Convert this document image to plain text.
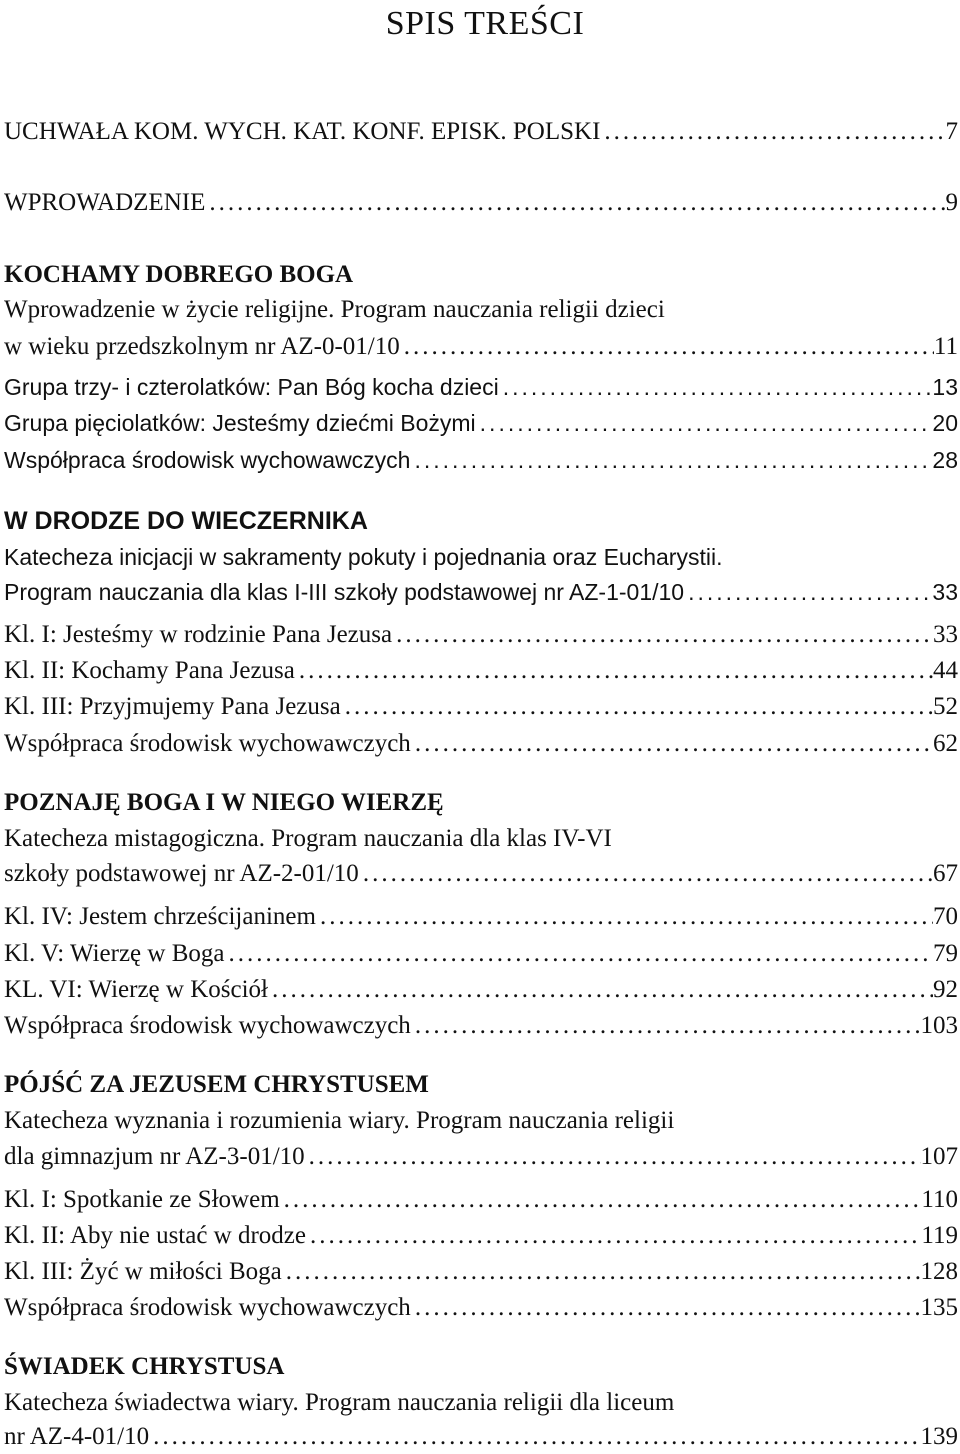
SPIS TREŚCI
UCHWAŁA KOM. WYCH. KAT. KONF. EPISK. POLSKI .....	7
WPROWADZENIE .....	9
KOCHAMY DOBREGO BOGA
Wprowadzenie w życie religijne. Program nauczania religii dzieci
w wieku przedszkolnym nr AZ-0-01/10 .....	11
Grupa trzy- i czterolatków: Pan Bóg kocha dzieci .....	13
Grupa pięciolatków: Jesteśmy dziećmi Bożymi .....	20
Współpraca środowisk wychowawczych .....	28
W DRODZE DO WIECZERNIKA
Katecheza inicjacji w sakramenty pokuty i pojednania oraz Eucharystii.
Program nauczania dla klas I-III szkoły podstawowej nr AZ-1-01/10 .....	33
Kl. I: Jesteśmy w rodzinie Pana Jezusa .....	33
Kl. II: Kochamy Pana Jezusa .....	44
Kl. III: Przyjmujemy Pana Jezusa .....	52
Współpraca środowisk wychowawczych .....	62
POZNAJĘ BOGA I W NIEGO WIERZĘ
Katecheza mistagogiczna. Program nauczania dla klas IV-VI
szkoły podstawowej nr AZ-2-01/10 .....	67
Kl. IV: Jestem chrześcijaninem .....	70
Kl. V: Wierzę w Boga .....	79
KL. VI: Wierzę w Kościół .....	92
Współpraca środowisk wychowawczych .....	103
PÓJŚĆ ZA JEZUSEM CHRYSTUSEM
Katecheza wyznania i rozumienia wiary. Program nauczania religii
dla gimnazjum nr AZ-3-01/10 .....	107
Kl. I: Spotkanie ze Słowem .....	110
Kl. II: Aby nie ustać w drodze .....	119
Kl. III: Żyć w miłości Boga .....	128
Współpraca środowisk wychowawczych .....	135
ŚWIADEK CHRYSTUSA
Katecheza świadectwa wiary. Program nauczania religii dla liceum
nr AZ-4-01/10 .....	139
